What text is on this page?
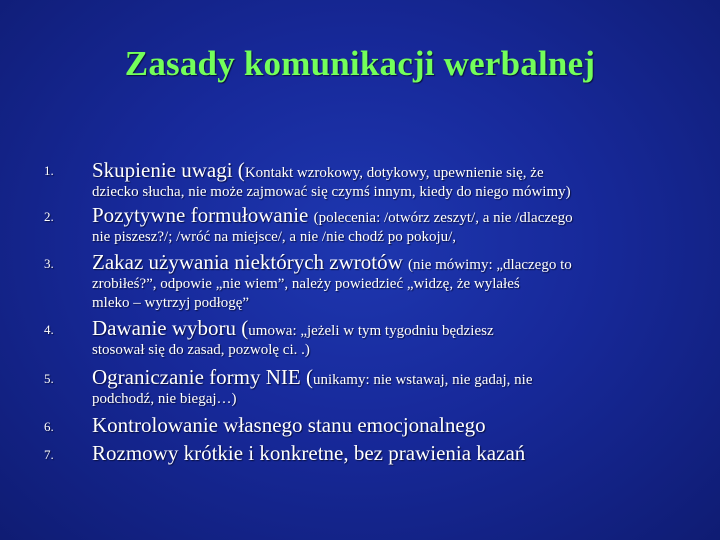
Zasady komunikacji werbalnej
1. Skupienie uwagi (Kontakt wzrokowy, dotykowy, upewnienie się, że
dziecko słucha, nie może zajmować się czymś innym, kiedy do niego mówimy)
2. Pozytywne formułowanie (polecenia: /otwórz zeszyt/, a nie /dlaczego
nie piszesz?/; /wróć na miejsce/, a nie /nie chodź po pokoju/,
3. Zakaz używania niektórych zwrotów (nie mówimy: „dlaczego to
zrobiłeś?”, odpowie „nie wiem”, należy powiedzieć „widzę, że wylałeś
mleko – wytrzyj podłogę”
4. Dawanie wyboru (umowa: „jeżeli w tym tygodniu będziesz
stosował się do zasad, pozwolę ci. .)
5. Ograniczanie formy NIE (unikamy: nie wstawaj, nie gadaj, nie
podchodź, nie biegaj…)
6. Kontrolowanie własnego stanu emocjonalnego
7. Rozmowy krótkie i konkretne, bez prawienia kazań
